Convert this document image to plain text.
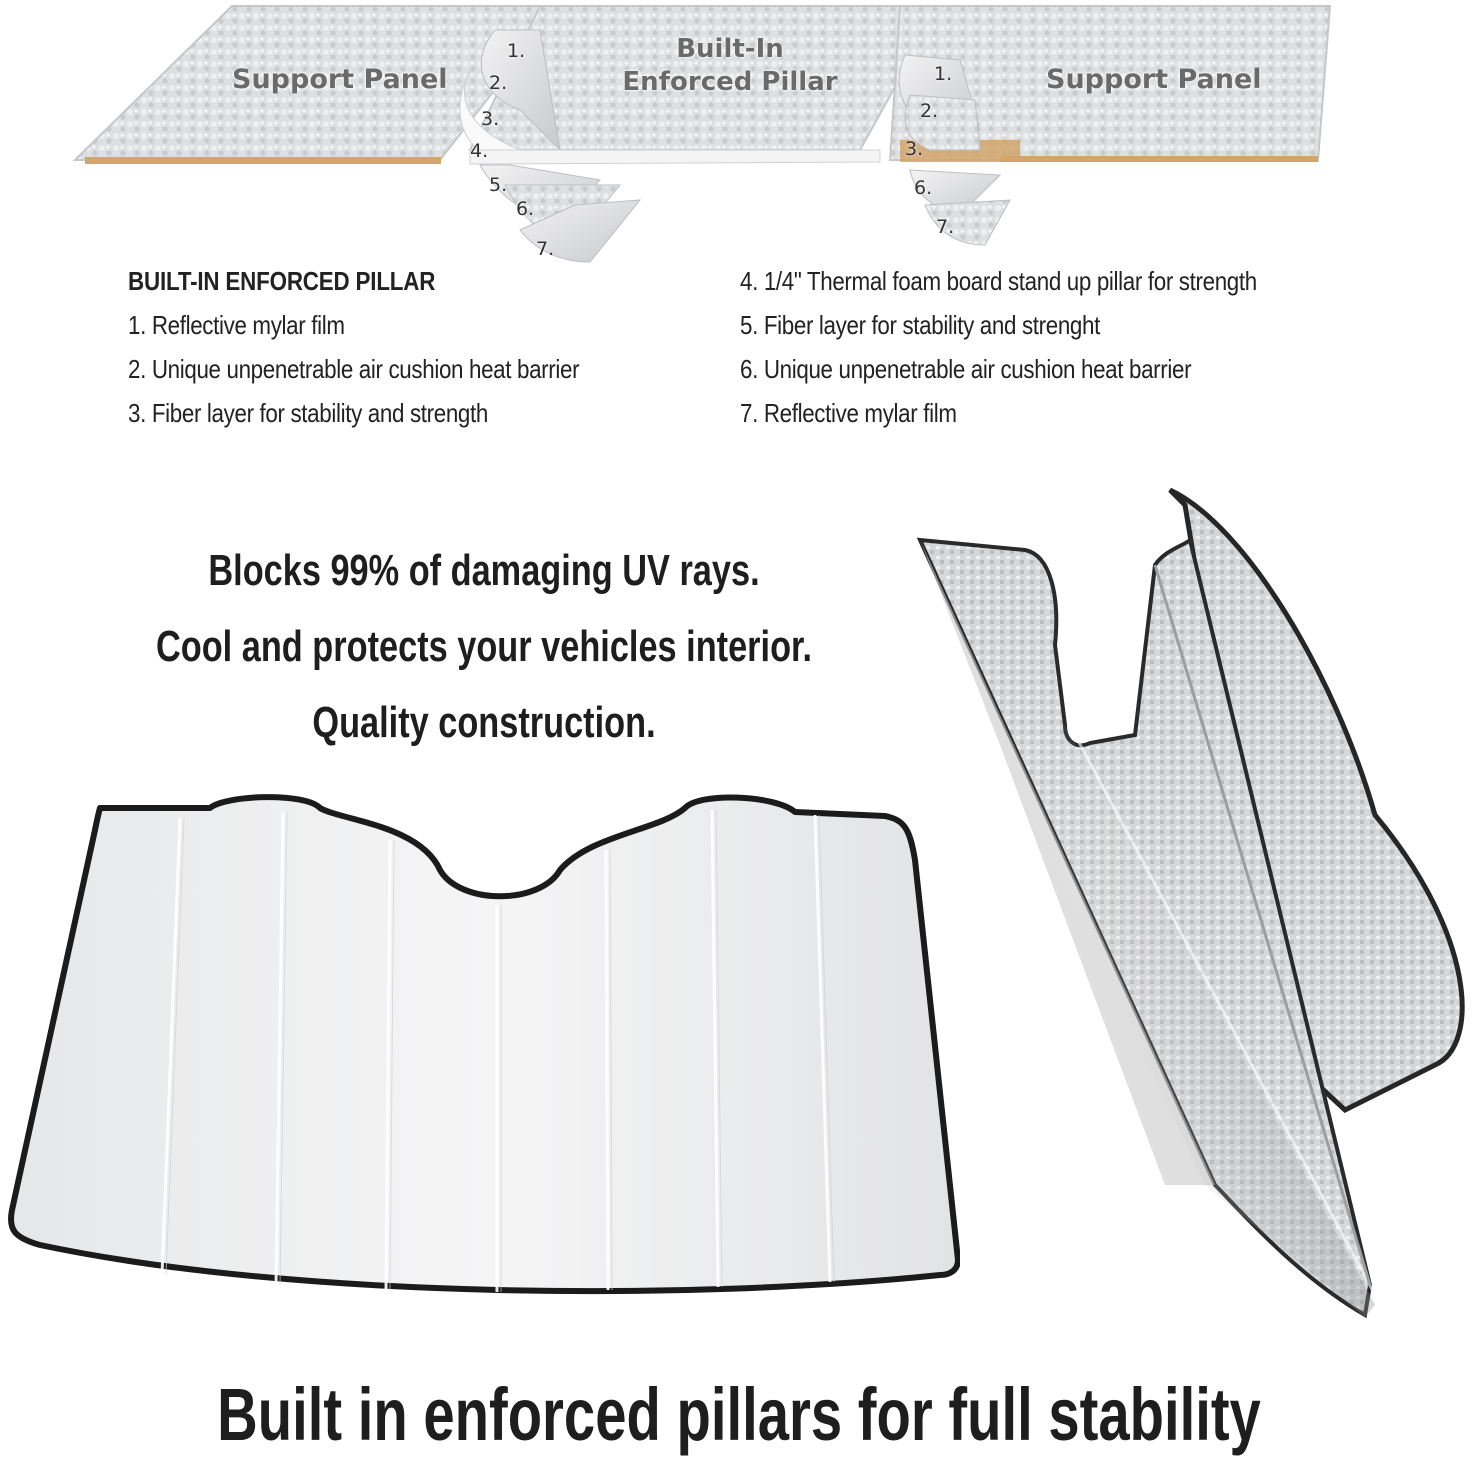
Support Panel
Built-In
Enforced Pillar	Support Panel
1.
2.
3.
4.
5.
6.
7.
1.
2.
3.
6.
7.
BUILT-IN ENFORCED PILLAR
1. Reflective mylar film
2. Unique unpenetrable air cushion heat barrier
3. Fiber layer for stability and strength
4. 1/4" Thermal foam board stand up pillar for strength
5. Fiber layer for stability and strenght
6. Unique unpenetrable air cushion heat barrier
7. Reflective mylar film
Blocks 99% of damaging UV rays.
Cool and protects your vehicles interior.
Quality construction.
Built in enforced pillars for full stability
